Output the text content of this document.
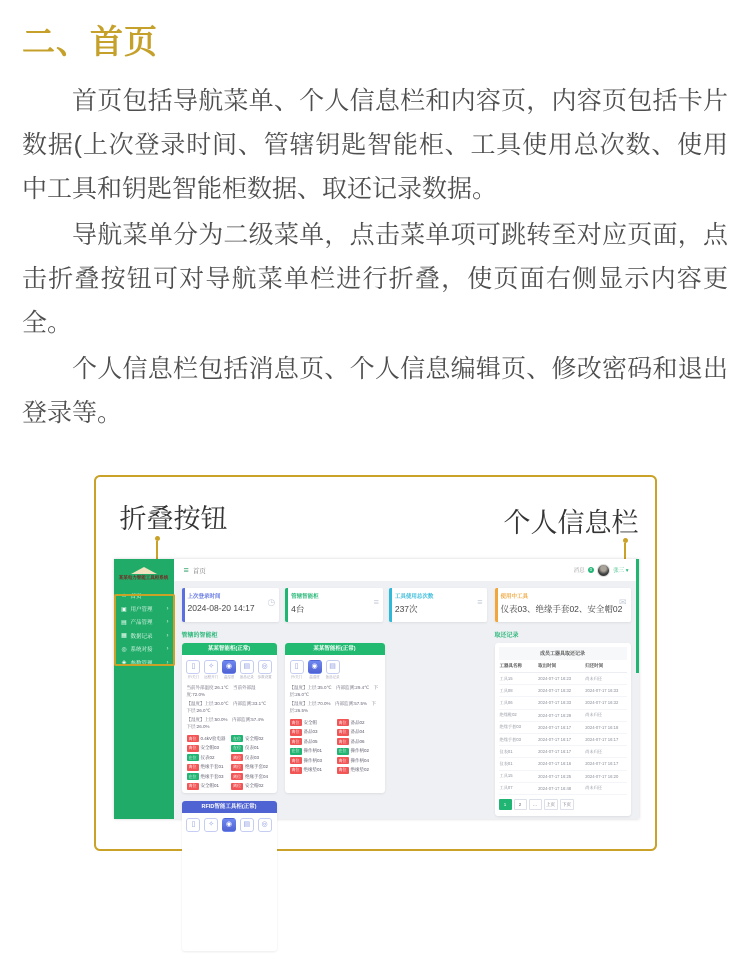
二、首页

首页包括导航菜单、个人信息栏和内容页，内容页包括卡片数据(上次登录时间、管辖钥匙智能柜、工具使用总次数、使用中工具和钥匙智能柜数据、取还记录数据。

导航菜单分为二级菜单，点击菜单项可跳转至对应页面，点击折叠按钮可对导航菜单栏进行折叠，使页面右侧显示内容更全。

个人信息栏包括消息页、个人信息编辑页、修改密码和退出登录等。

折叠按钮	个人信息栏
某某电力智能工具柜系统
⌂ 首页
▣ 用户管理 ›
▤ 产品管理 ›
▦ 数据记录 ›
◎ 系统对接 ›
◈ 参数管理 ›
≡ 首页	消息	0	张三 ▾
上次登录时间
2024-08-20 14:17
◷	管辖智能柜
4台
≡	工具使用总次数
237次
≡
管辖的智能柜
某某智能柜(正常)
▯
开/关门
✧
远程开门
◉
温湿度
▤
备品记录
◎
参数设置
当前外部温度:26.1℃　当前外部湿度:72.0%
【温度】上层:30.0℃　内部监测:33.1℃　下层:26.0℃
【湿度】上层:50.0%　内部监测:57.4%　下层:26.0%
离位 0.4kV验电器	在位 安全帽02
离位 安全帽03	在位 仪表01
在位 仪表02	离位 仪表03
离位 绝缘手套01	离位 绝缘手套02
在位 绝缘手套03	离位 绝缘手套04
离位 安全帽01	离位 安全帽02
某某智能柜(正常)
▯
开/关门
◉
温湿度
▤
备品记录
【温度】上层:35.0℃　内部监测:29.4℃　下层:26.0℃
【湿度】上层:70.0%　内部监测:57.5%　下层:26.5%
离位 安全帽	离位 备品02
离位 备品03	离位 备品04
离位 备品05	离位 备品06
在位 操作柄01	在位 操作柄02
离位 操作柄03	离位 操作柄04
离位 绝缘垫01	离位 绝缘垫02
RFID智能工具柜(正常)
▯	✧	◉	▤	◎
使用中工具
仪表03、绝缘手套02、安全帽02
✉
取还记录
成员工器具取还记录
工器具名称	取出时间	归还时间
工具15	2024-07-17 16:23	尚未归还
工具08	2024-07-17 16:32	2024-07-17 16:33
工具06	2024-07-17 16:33	2024-07-17 16:32
绝缘鞋02	2024-07-17 16:29	尚未归还
绝缘手套03	2024-07-17 16:17	2024-07-17 16:18
绝缘手套03	2024-07-17 16:17	2024-07-17 16:17
仪表01	2024-07-17 16:17	尚未归还
仪表01	2024-07-17 16:16	2024-07-17 16:17
工具15	2024-07-17 16:25	2024-07-17 16:20
工具07	2024-07-17 16:48	尚未归还
1	2	…	上页	下页
